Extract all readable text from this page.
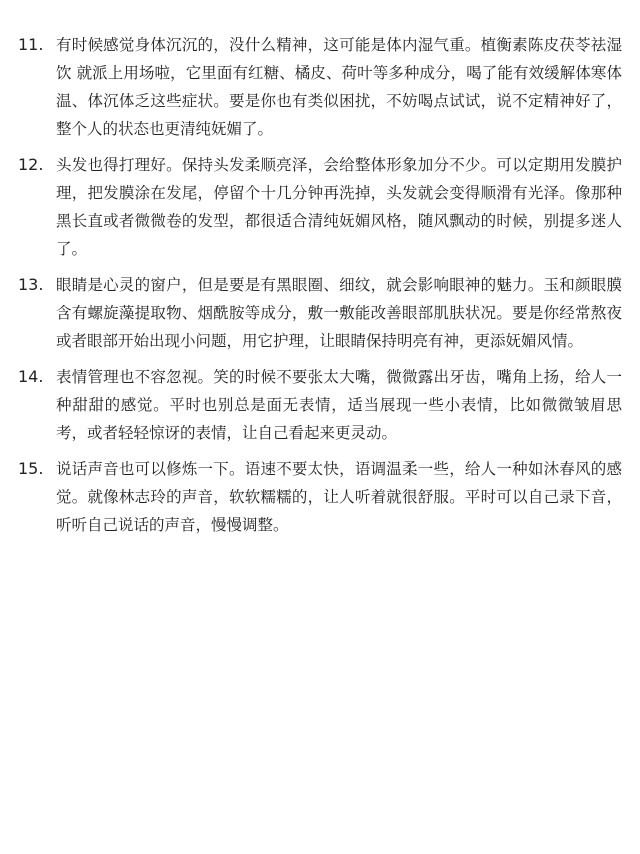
11. 有时候感觉身体沉沉的，没什么精神，这可能是体内湿气重。植衡素陈皮茯苓祛湿饮 就派上用场啦，它里面有红糖、橘皮、荷叶等多种成分，喝了能有效缓解体寒体温、体沉体乏这些症状。要是你也有类似困扰，不妨喝点试试，说不定精神好了，整个人的状态也更清纯妩媚了。
12. 头发也得打理好。保持头发柔顺亮泽，会给整体形象加分不少。可以定期用发膜护理，把发膜涂在发尾，停留个十几分钟再洗掉，头发就会变得顺滑有光泽。像那种黑长直或者微微卷的发型，都很适合清纯妩媚风格，随风飘动的时候，别提多迷人了。
13. 眼睛是心灵的窗户，但是要是有黑眼圈、细纹，就会影响眼神的魅力。玉和颜眼膜含有螺旋藻提取物、烟酰胺等成分，敷一敷能改善眼部肌肤状况。要是你经常熬夜或者眼部开始出现小问题，用它护理，让眼睛保持明亮有神，更添妩媚风情。
14. 表情管理也不容忽视。笑的时候不要张太大嘴，微微露出牙齿，嘴角上扬，给人一种甜甜的感觉。平时也别总是面无表情，适当展现一些小表情，比如微微皱眉思考，或者轻轻惊讶的表情，让自己看起来更灵动。
15. 说话声音也可以修炼一下。语速不要太快，语调温柔一些，给人一种如沐春风的感觉。就像林志玲的声音，软软糯糯的，让人听着就很舒服。平时可以自己录下音，听听自己说话的声音，慢慢调整。
